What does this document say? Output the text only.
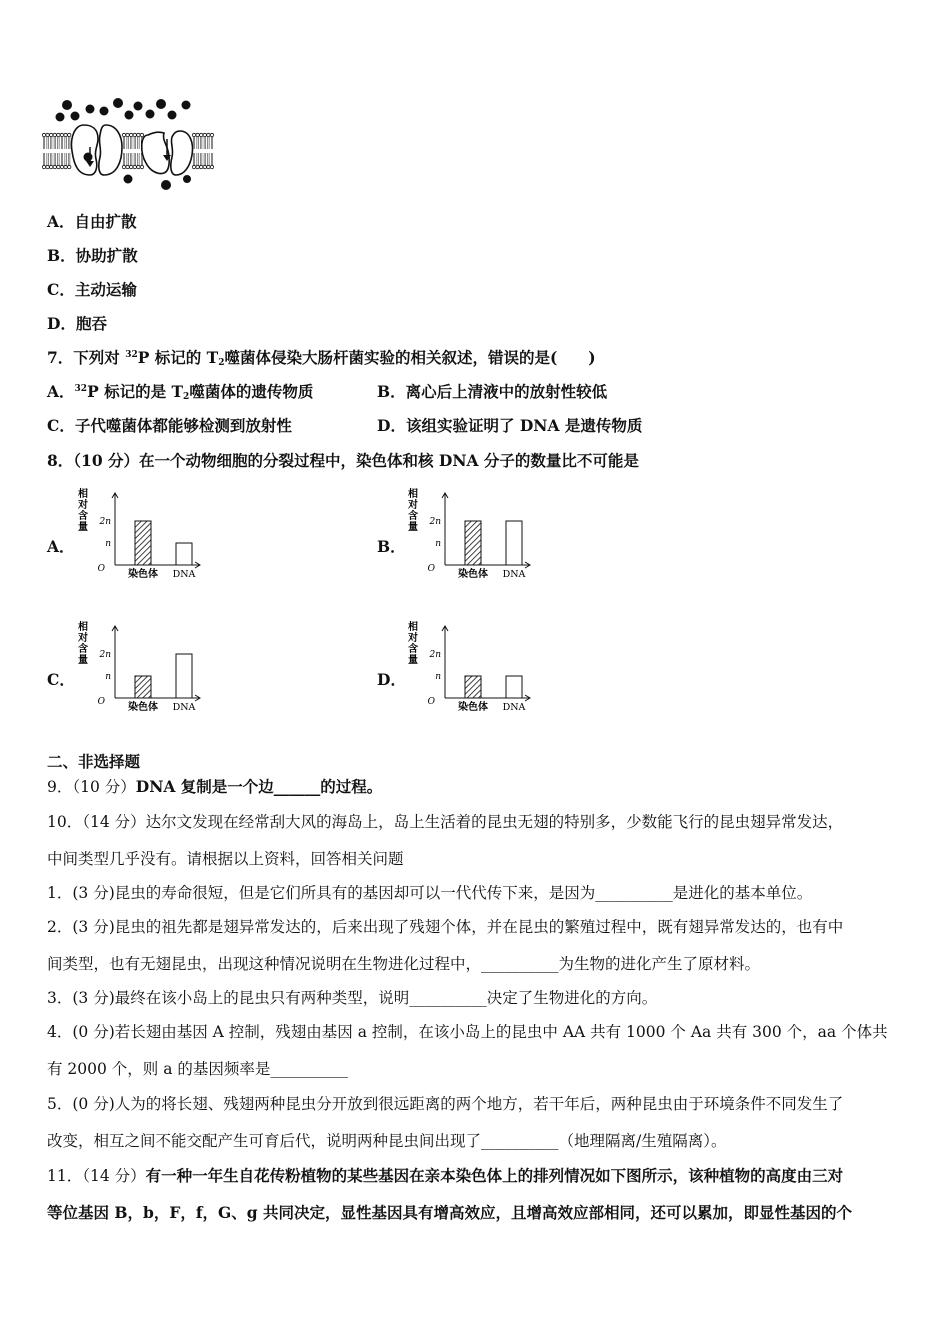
A．自由扩散
B．协助扩散
C．主动运输
D．胞吞
7．下列对 $^{32}$P 标记的 $T_2$噬菌体侵染大肠杆菌实验的相关叙述，错误的是(　　)
A．$^{32}$P 标记的是 $T_2$噬菌体的遗传物质	B．离心后上清液中的放射性较低
C．子代噬菌体都能够检测到放射性	D．该组实验证明了 DNA 是遗传物质
8．（10 分）在一个动物细胞的分裂过程中，染色体和核 DNA 分子的数量比不可能是
A．	B．
C．	D．
相
对
含
量 2n
n
O 染色体 DNA
相
对
含
量 2n
n
O 染色体 DNA
相
对
含
量 2n
n
O 染色体 DNA
相
对
含
量 2n
n
O 染色体 DNA
二、非选择题
9．（10 分）DNA 复制是一个边______的过程。
10．（14 分）达尔文发现在经常刮大风的海岛上，岛上生活着的昆虫无翅的特别多，少数能飞行的昆虫翅异常发达，
中间类型几乎没有。请根据以上资料，回答相关问题
1．(3 分)昆虫的寿命很短，但是它们所具有的基因却可以一代代传下来，是因为__________是进化的基本单位。
2．(3 分)昆虫的祖先都是翅异常发达的，后来出现了残翅个体，并在昆虫的繁殖过程中，既有翅异常发达的，也有中
间类型，也有无翅昆虫，出现这种情况说明在生物进化过程中，__________为生物的进化产生了原材料。
3．(3 分)最终在该小岛上的昆虫只有两种类型，说明__________决定了生物进化的方向。
4．(0 分)若长翅由基因 A 控制，残翅由基因 a 控制，在该小岛上的昆虫中 AA 共有 1000 个 Aa 共有 300 个，aa 个体共
有 2000 个，则 a 的基因频率是__________
5．(0 分)人为的将长翅、残翅两种昆虫分开放到很远距离的两个地方，若干年后，两种昆虫由于环境条件不同发生了
改变，相互之间不能交配产生可育后代，说明两种昆虫间出现了__________（地理隔离/生殖隔离）。
11．（14 分）有一种一年生自花传粉植物的某些基因在亲本染色体上的排列情况如下图所示，该种植物的高度由三对
等位基因 B，b，F，f，G、g 共同决定，显性基因具有增高效应，且增高效应部相同，还可以累加，即显性基因的个
